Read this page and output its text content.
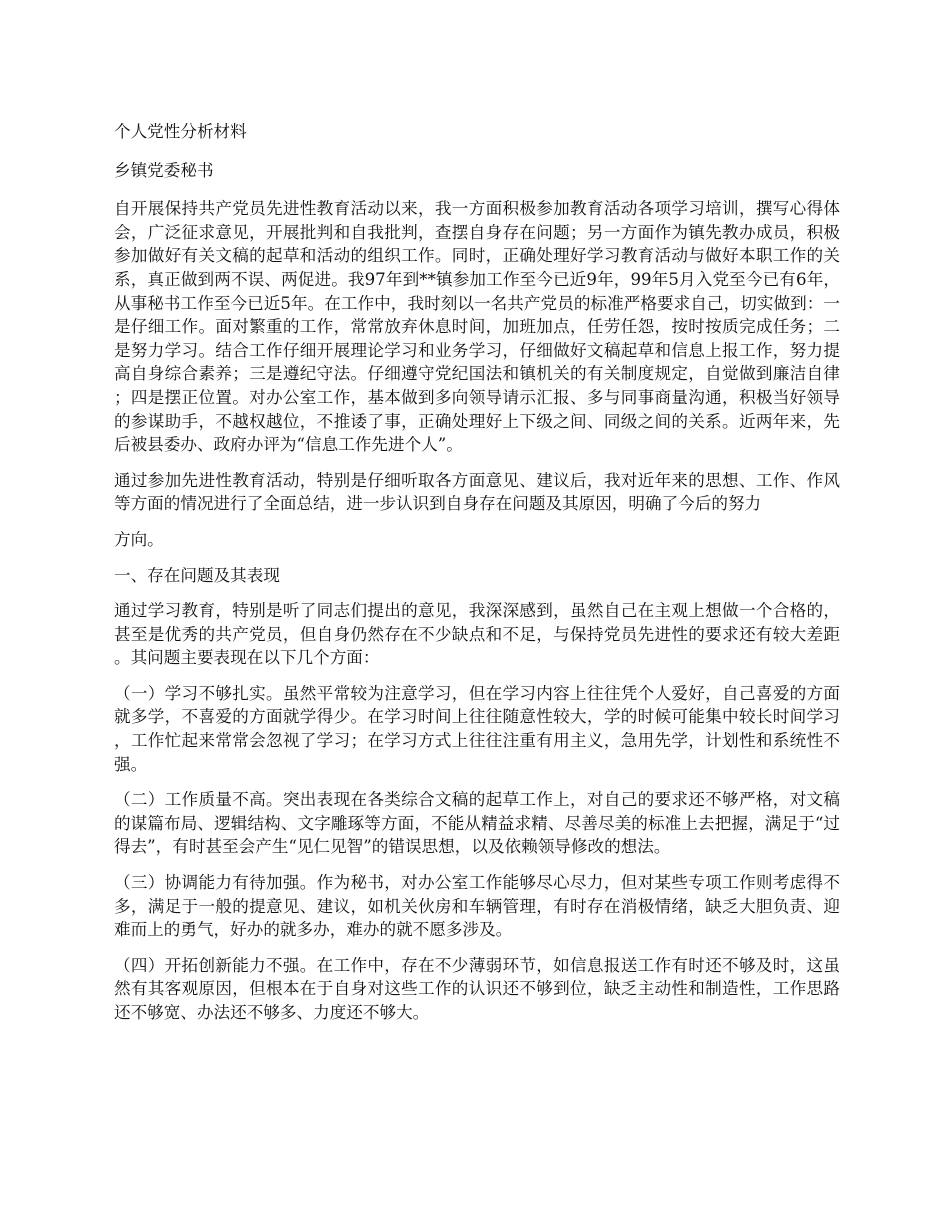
个人党性分析材料

乡镇党委秘书

自开展保持共产党员先进性教育活动以来，我一方面积极参加教育活动各项学习培训，撰写心得体会，广泛征求意见，开展批判和自我批判，查摆自身存在问题；另一方面作为镇先教办成员，积极参加做好有关文稿的起草和活动的组织工作。同时，正确处理好学习教育活动与做好本职工作的关系，真正做到两不误、两促进。我97年到**镇参加工作至今已近9年，99年5月入党至今已有6年，从事秘书工作至今已近5年。在工作中，我时刻以一名共产党员的标准严格要求自己，切实做到：一是仔细工作。面对繁重的工作，常常放弃休息时间，加班加点，任劳任怨，按时按质完成任务；二是努力学习。结合工作仔细开展理论学习和业务学习，仔细做好文稿起草和信息上报工作，努力提高自身综合素养；三是遵纪守法。仔细遵守党纪国法和镇机关的有关制度规定，自觉做到廉洁自律；四是摆正位置。对办公室工作，基本做到多向领导请示汇报、多与同事商量沟通，积极当好领导的参谋助手，不越权越位，不推诿了事，正确处理好上下级之间、同级之间的关系。近两年来，先后被县委办、政府办评为“信息工作先进个人”。

通过参加先进性教育活动，特别是仔细听取各方面意见、建议后，我对近年来的思想、工作、作风等方面的情况进行了全面总结，进一步认识到自身存在问题及其原因，明确了今后的努力

方向。

一、存在问题及其表现

通过学习教育，特别是听了同志们提出的意见，我深深感到，虽然自己在主观上想做一个合格的，甚至是优秀的共产党员，但自身仍然存在不少缺点和不足，与保持党员先进性的要求还有较大差距。其问题主要表现在以下几个方面：

（一）学习不够扎实。虽然平常较为注意学习，但在学习内容上往往凭个人爱好，自己喜爱的方面就多学，不喜爱的方面就学得少。在学习时间上往往随意性较大，学的时候可能集中较长时间学习，工作忙起来常常会忽视了学习；在学习方式上往往注重有用主义，急用先学，计划性和系统性不强。

（二）工作质量不高。突出表现在各类综合文稿的起草工作上，对自己的要求还不够严格，对文稿的谋篇布局、逻辑结构、文字雕琢等方面，不能从精益求精、尽善尽美的标准上去把握，满足于“过得去”，有时甚至会产生“见仁见智”的错误思想，以及依赖领导修改的想法。

（三）协调能力有待加强。作为秘书，对办公室工作能够尽心尽力，但对某些专项工作则考虑得不多，满足于一般的提意见、建议，如机关伙房和车辆管理，有时存在消极情绪，缺乏大胆负责、迎难而上的勇气，好办的就多办，难办的就不愿多涉及。

（四）开拓创新能力不强。在工作中，存在不少薄弱环节，如信息报送工作有时还不够及时，这虽然有其客观原因，但根本在于自身对这些工作的认识还不够到位，缺乏主动性和制造性，工作思路还不够宽、办法还不够多、力度还不够大。
